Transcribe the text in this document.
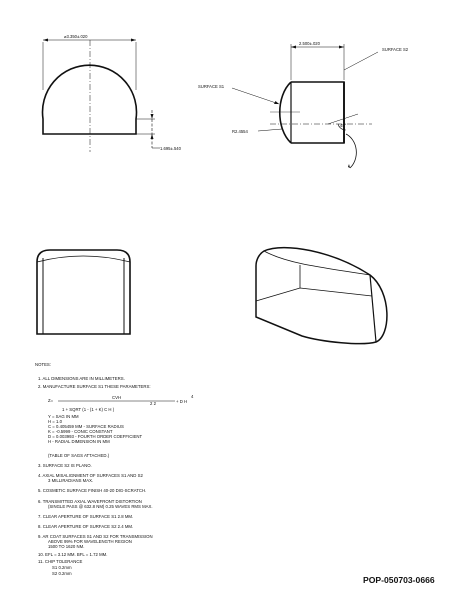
⌀3.350±.020
1.695±.540
2.500±.020
SURFACE S2
SURFACE S1
R2.4554
45°
NOTES:
1. ALL DIMENSIONS ARE IN MILLIMETERS.
2. MANUFACTURE SURFACE S1 THESE PARAMETERS:
Z=
CVH
+ D H
4
2 2
1 + SQRT (1 - (1 + K) C H )
Y = SAG IN MM
H = 1.0
C = 0.405459 MM - SURFACE RADIUS
K = -0.5999 - CONIC CONSTANT
D = 0.003993 - FOURTH ORDER COEFFICIENT
H - RADIAL DIMENSION IN MM
(TABLE OF SAGS ATTACHED.)
3. SURFACE S2 IS PLANO.
4. AXIAL MISALIGNMENT OF SURFACES S1 AND S2
3 MILLIRADIANS MAX.
5. COSMETIC SURFACE FINISH 40-20 DIG-SCRATCH.
6. TRANSMITTED AXIAL WAVEFRONT DISTORTION
(SINGLE PASS @ 632.8 NM) 0.25 WAVES RMS MAX.
7. CLEAR APERTURE OF SURFACE S1 2.8 MM.
8. CLEAR APERTURE OF SURFACE S2 2.4 MM.
9. AR COAT SURFACES S1 AND S2 FOR TRANSMISSION
ABOVE 99% FOR WAVELENGTH REGION
1500 TO 1620 NM.
10. EFL = 3.12 MM. BFL = 1.72 MM.
11. CHIP TOLERANCE
S1 0.2mm
S2 0.2mm
POP-050703-0666
